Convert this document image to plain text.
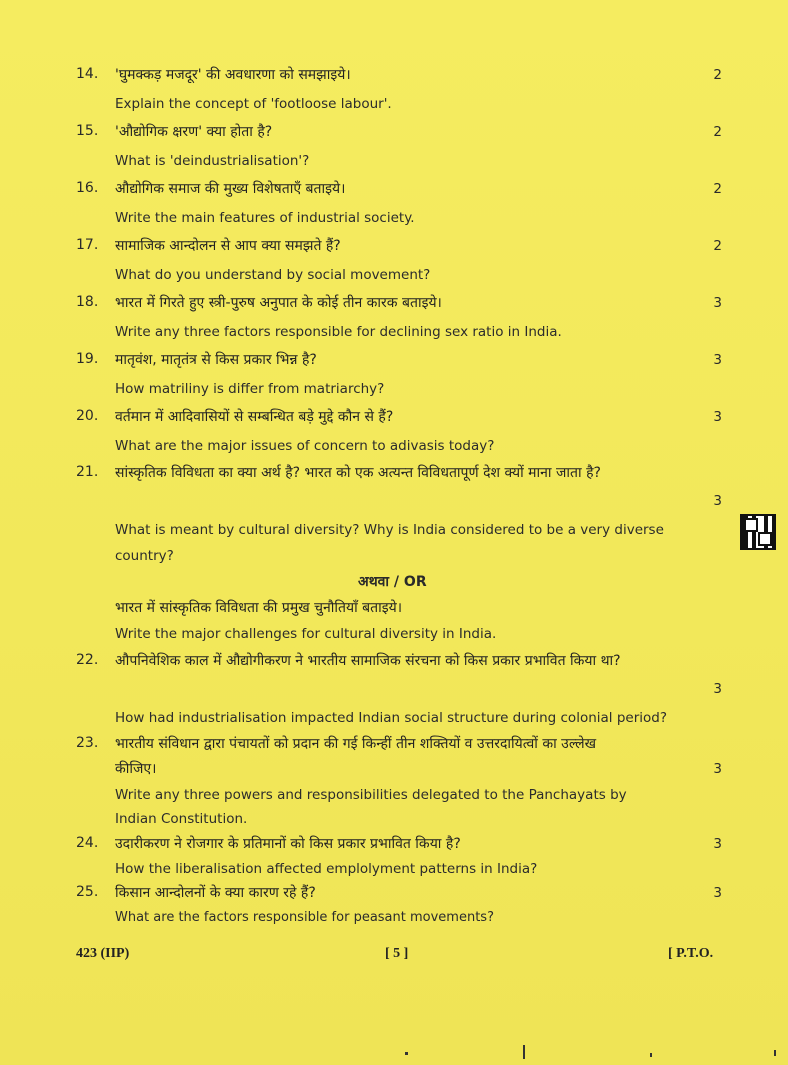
14.	'घुमक्कड़ मजदूर' की अवधारणा को समझाइये।	2
Explain the concept of 'footloose labour'.
15.	'औद्योगिक क्षरण' क्या होता है?	2
What is 'deindustrialisation'?
16.	औद्योगिक समाज की मुख्य विशेषताएँ बताइये।	2
Write the main features of industrial society.
17.	सामाजिक आन्दोलन से आप क्या समझते हैं?	2
What do you understand by social movement?
18.	भारत में गिरते हुए स्त्री-पुरुष अनुपात के कोई तीन कारक बताइये।	3
Write any three factors responsible for declining sex ratio in India.
19.	मातृवंश, मातृतंत्र से किस प्रकार भिन्न है?	3
How matriliny is differ from matriarchy?
20.	वर्तमान में आदिवासियों से सम्बन्धित बड़े मुद्दे कौन से हैं?	3
What are the major issues of concern to adivasis today?
21.	सांस्कृतिक विविधता का क्या अर्थ है? भारत को एक अत्यन्त विविधतापूर्ण देश क्यों माना जाता है?
3
What is meant by cultural diversity? Why is India considered to be a very diverse
country?
अथवा / OR
भारत में सांस्कृतिक विविधता की प्रमुख चुनौतियाँ बताइये।
Write the major challenges for cultural diversity in India.
22.	औपनिवेशिक काल में औद्योगीकरण ने भारतीय सामाजिक संरचना को किस प्रकार प्रभावित किया था?
3
How had industrialisation impacted Indian social structure during colonial period?
23.	भारतीय संविधान द्वारा पंचायतों को प्रदान की गई किन्हीं तीन शक्तियों व उत्तरदायित्वों का उल्लेख
कीजिए।	3
Write any three powers and responsibilities delegated to the Panchayats by
Indian Constitution.
24.	उदारीकरण ने रोजगार के प्रतिमानों को किस प्रकार प्रभावित किया है?	3
How the liberalisation affected emplolyment patterns in India?
25.	किसान आन्दोलनों के क्या कारण रहे हैं?	3
What are the factors responsible for peasant movements?
423 (IIP)	[ 5 ]	[ P.T.O.
